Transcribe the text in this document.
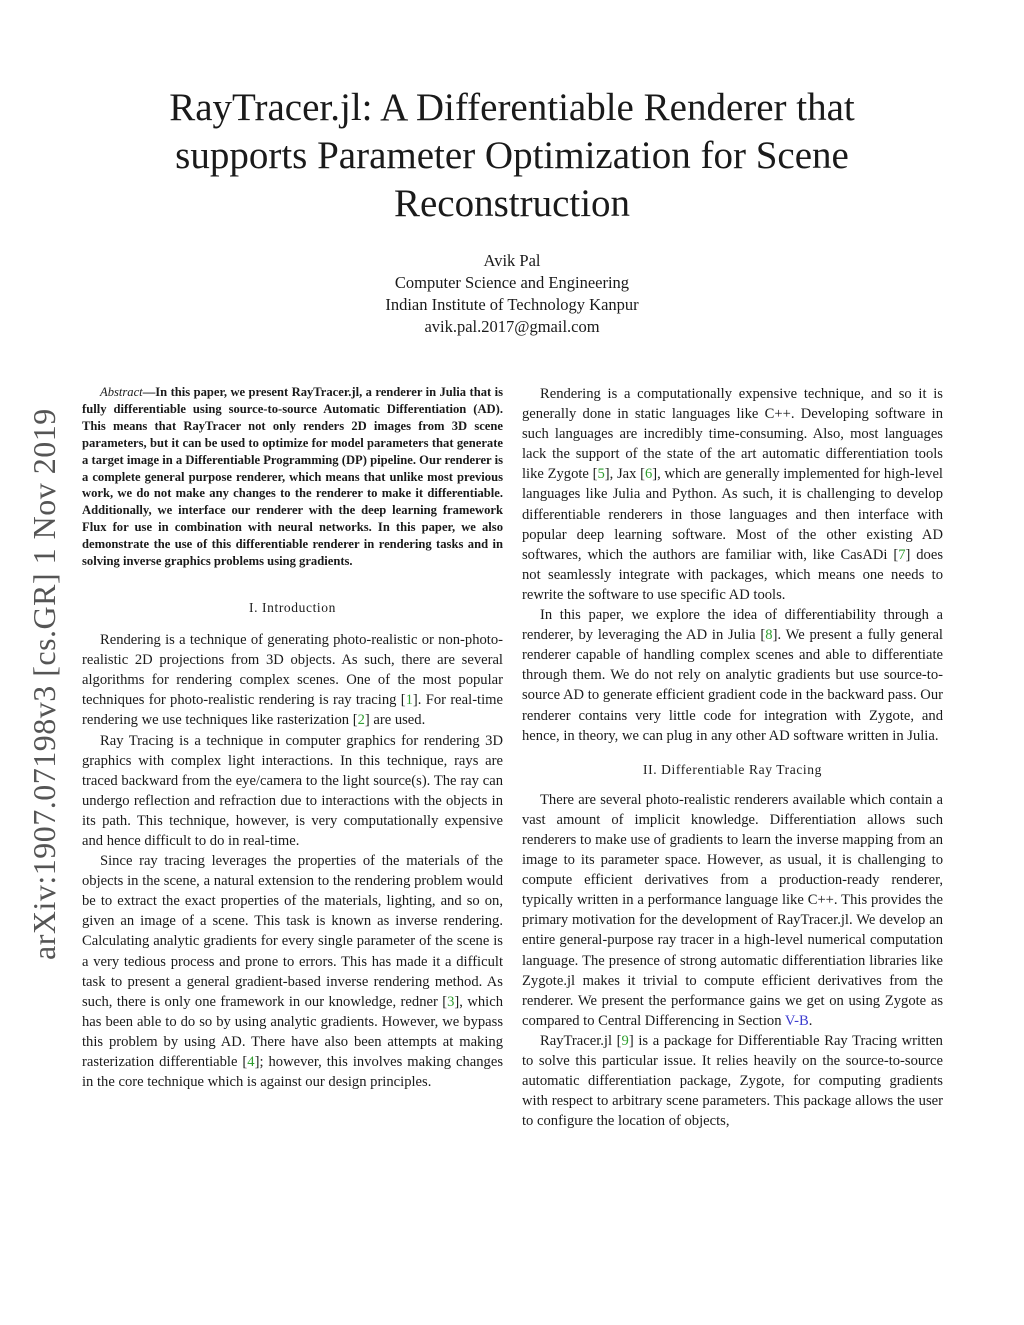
RayTracer.jl: A Differentiable Renderer that supports Parameter Optimization for Scene Reconstruction
Avik Pal
Computer Science and Engineering
Indian Institute of Technology Kanpur
avik.pal.2017@gmail.com
arXiv:1907.07198v3 [cs.GR] 1 Nov 2019

Abstract—In this paper, we present RayTracer.jl, a renderer in Julia that is fully differentiable using source-to-source Automatic Differentiation (AD). This means that RayTracer not only renders 2D images from 3D scene parameters, but it can be used to optimize for model parameters that generate a target image in a Differentiable Programming (DP) pipeline. Our renderer is a complete general purpose renderer, which means that unlike most previous work, we do not make any changes to the renderer to make it differentiable. Additionally, we interface our renderer with the deep learning framework Flux for use in combination with neural networks. In this paper, we also demonstrate the use of this differentiable renderer in rendering tasks and in solving inverse graphics problems using gradients.

I. Introduction

Rendering is a technique of generating photo-realistic or non-photo-realistic 2D projections from 3D objects. As such, there are several algorithms for rendering complex scenes. One of the most popular techniques for photo-realistic rendering is ray tracing [1]. For real-time rendering we use techniques like rasterization [2] are used.

Ray Tracing is a technique in computer graphics for rendering 3D graphics with complex light interactions. In this technique, rays are traced backward from the eye/camera to the light source(s). The ray can undergo reflection and refraction due to interactions with the objects in its path. This technique, however, is very computationally expensive and hence difficult to do in real-time.

Since ray tracing leverages the properties of the materials of the objects in the scene, a natural extension to the rendering problem would be to extract the exact properties of the materials, lighting, and so on, given an image of a scene. This task is known as inverse rendering. Calculating analytic gradients for every single parameter of the scene is a very tedious process and prone to errors. This has made it a difficult task to present a general gradient-based inverse rendering method. As such, there is only one framework in our knowledge, redner [3], which has been able to do so by using analytic gradients. However, we bypass this problem by using AD. There have also been attempts at making rasterization differentiable [4]; however, this involves making changes in the core technique which is against our design principles.

Rendering is a computationally expensive technique, and so it is generally done in static languages like C++. Developing software in such languages are incredibly time-consuming. Also, most languages lack the support of the state of the art automatic differentiation tools like Zygote [5], Jax [6], which are generally implemented for high-level languages like Julia and Python. As such, it is challenging to develop differentiable renderers in those languages and then interface with popular deep learning software. Most of the other existing AD softwares, which the authors are familiar with, like CasADi [7] does not seamlessly integrate with packages, which means one needs to rewrite the software to use specific AD tools.

In this paper, we explore the idea of differentiability through a renderer, by leveraging the AD in Julia [8]. We present a fully general renderer capable of handling complex scenes and able to differentiate through them. We do not rely on analytic gradients but use source-to-source AD to generate efficient gradient code in the backward pass. Our renderer contains very little code for integration with Zygote, and hence, in theory, we can plug in any other AD software written in Julia.

II. Differentiable Ray Tracing

There are several photo-realistic renderers available which contain a vast amount of implicit knowledge. Differentiation allows such renderers to make use of gradients to learn the inverse mapping from an image to its parameter space. However, as usual, it is challenging to compute efficient derivatives from a production-ready renderer, typically written in a performance language like C++. This provides the primary motivation for the development of RayTracer.jl. We develop an entire general-purpose ray tracer in a high-level numerical computation language. The presence of strong automatic differentiation libraries like Zygote.jl makes it trivial to compute efficient derivatives from the renderer. We present the performance gains we get on using Zygote as compared to Central Differencing in Section V-B.

RayTracer.jl [9] is a package for Differentiable Ray Tracing written to solve this particular issue. It relies heavily on the source-to-source automatic differentiation package, Zygote, for computing gradients with respect to arbitrary scene parameters. This package allows the user to configure the location of objects,
